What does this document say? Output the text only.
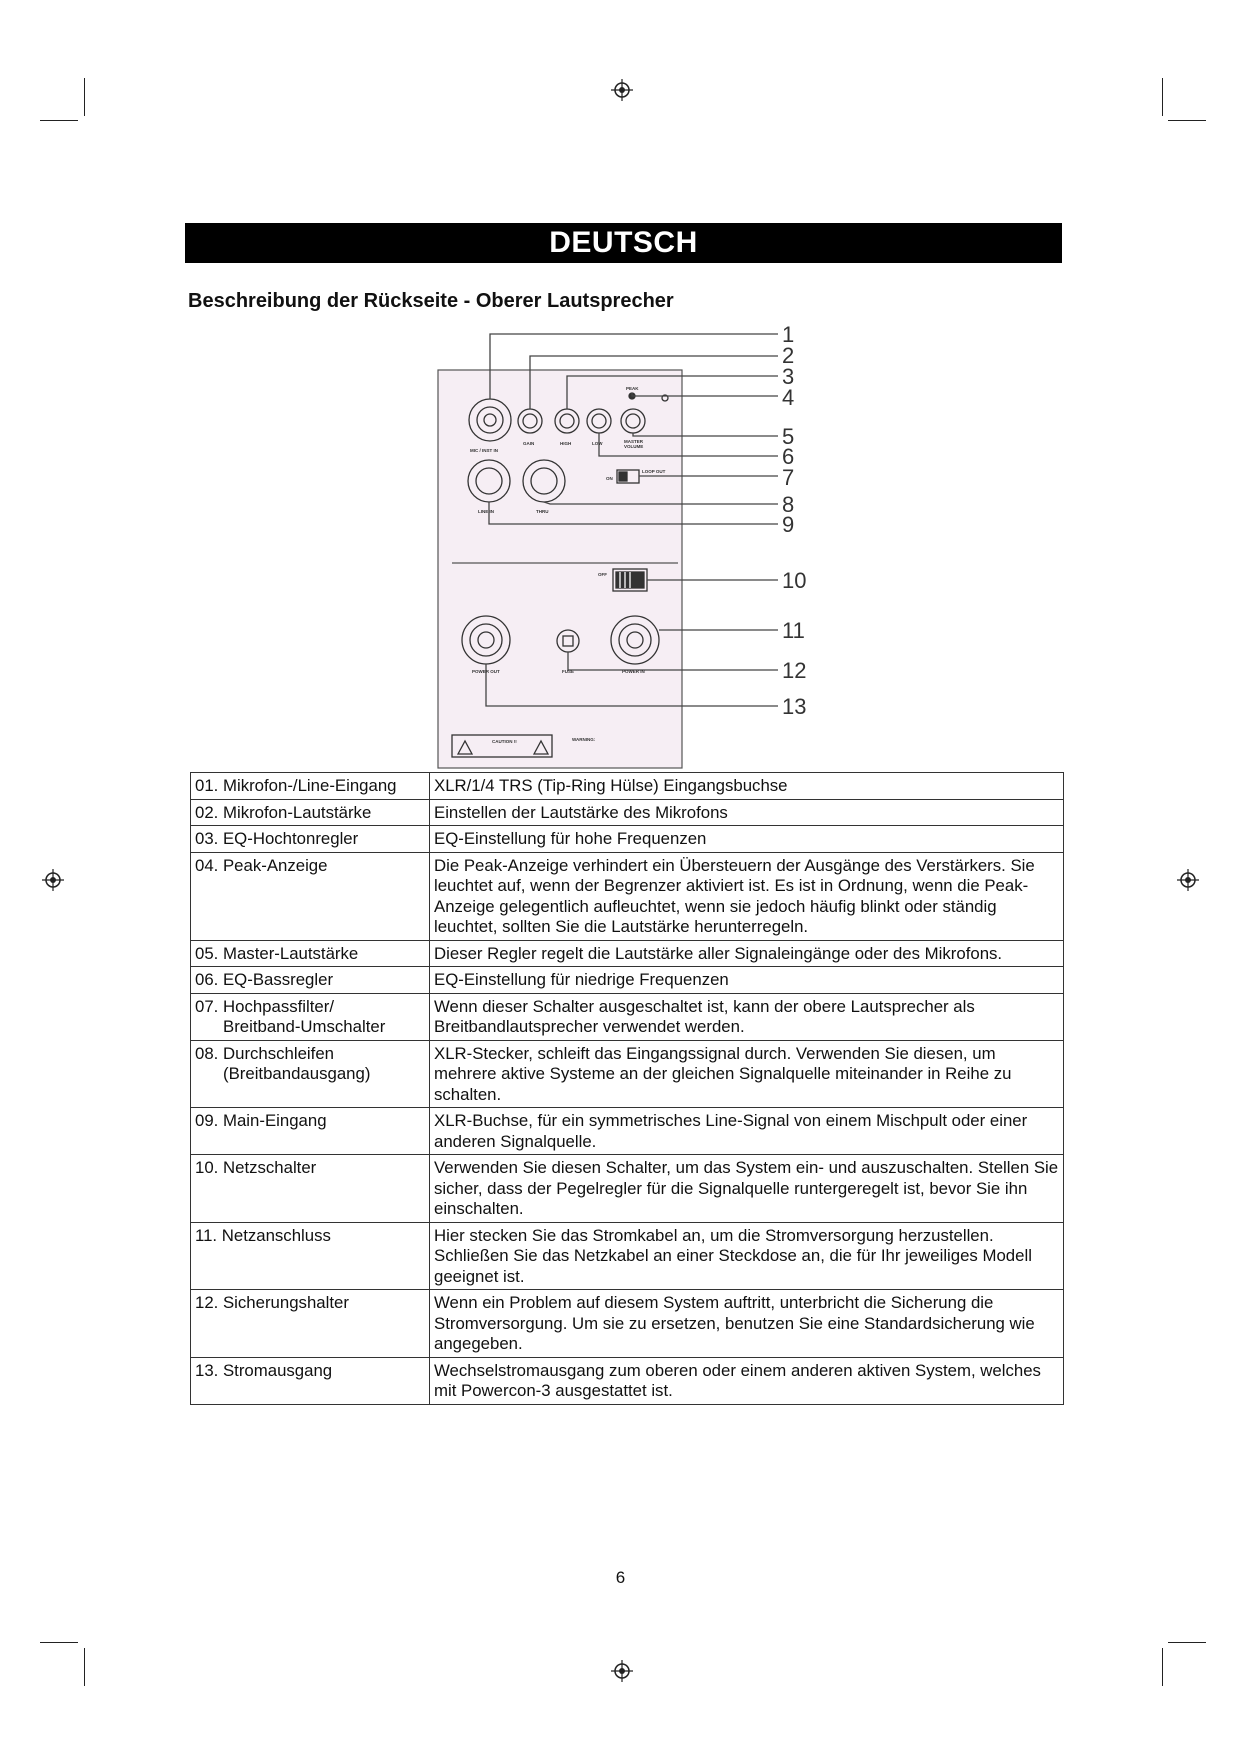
DEUTSCH
Beschreibung der Rückseite - Oberer Lautsprecher
1
2
3
4
5
6
7
8
9
10
11
12
13
MIC / INST IN
PEAK
GAIN	HIGH	LOW	MASTER
VOLUME
LINE IN	THRU
ON
LOOP OUT
OFF
POWER OUT	FUSE	POWER IN
CAUTION !!	WARNING:
01. Mikrofon-/Line-Eingang	XLR/1/4 TRS (Tip-Ring Hülse) Eingangsbuchse
02. Mikrofon-Lautstärke	Einstellen der Lautstärke des Mikrofons
03. EQ-Hochtonregler	EQ-Einstellung für hohe Frequenzen
04. Peak-Anzeige	Die Peak-Anzeige verhindert ein Übersteuern der Ausgänge des Verstärkers. Sie leuchtet auf, wenn der Begrenzer aktiviert ist. Es ist in Ordnung, wenn die Peak-Anzeige gelegentlich aufleuchtet, wenn sie jedoch häufig blinkt oder ständig leuchtet, sollten Sie die Lautstärke herunterregeln.
05. Master-Lautstärke	Dieser Regler regelt die Lautstärke aller Signaleingänge oder des Mikrofons.
06. EQ-Bassregler	EQ-Einstellung für niedrige Frequenzen
07. Hochpassfilter/
Breitband-Umschalter	Wenn dieser Schalter ausgeschaltet ist, kann der obere Lautsprecher als Breitbandlautsprecher verwendet werden.
08. Durchschleifen
(Breitbandausgang)	XLR-Stecker, schleift das Eingangssignal durch. Verwenden Sie diesen, um mehrere aktive Systeme an der gleichen Signalquelle miteinander in Reihe zu schalten.
09. Main-Eingang	XLR-Buchse, für ein symmetrisches Line-Signal von einem Mischpult oder einer anderen Signalquelle.
10. Netzschalter	Verwenden Sie diesen Schalter, um das System ein- und auszuschalten. Stellen Sie sicher, dass der Pegelregler für die Signalquelle runtergeregelt ist, bevor Sie ihn einschalten.
11. Netzanschluss	Hier stecken Sie das Stromkabel an, um die Stromversorgung herzustellen. Schließen Sie das Netzkabel an einer Steckdose an, die für Ihr jeweiliges Modell geeignet ist.
12. Sicherungshalter	Wenn ein Problem auf diesem System auftritt, unterbricht die Sicherung die Stromversorgung. Um sie zu ersetzen, benutzen Sie eine Standardsicherung wie angegeben.
13. Stromausgang	Wechselstromausgang zum oberen oder einem anderen aktiven System, welches mit Powercon-3 ausgestattet ist.
6
